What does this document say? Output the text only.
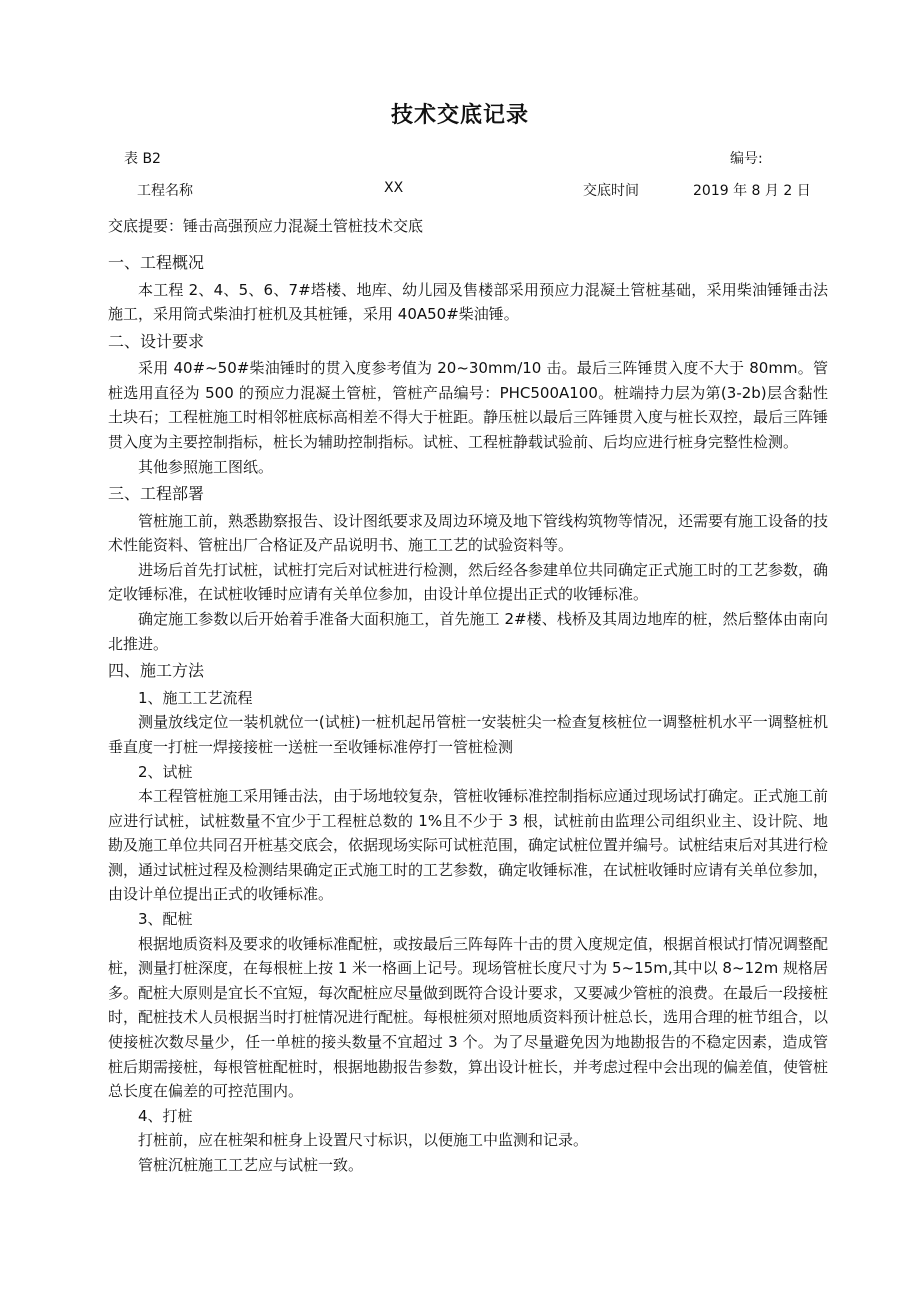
技术交底记录
表 B2	编号:
工程名称	XX	交底时间	2019 年 8 月 2 日
交底提要：锤击高强预应力混凝土管桩技术交底

一、工程概况

本工程 2、4、5、6、7#塔楼、地库、幼儿园及售楼部采用预应力混凝土管桩基础，采用柴油锤锤击法施工，采用筒式柴油打桩机及其桩锤，采用 40A50#柴油锤。

二、设计要求

采用 40#~50#柴油锤时的贯入度参考值为 20~30mm∕10 击。最后三阵锤贯入度不大于 80mm。管桩选用直径为 500 的预应力混凝土管桩，管桩产品编号：PHC500A100。桩端持力层为第(3-2b)层含黏性土块石；工程桩施工时相邻桩底标高相差不得大于桩距。静压桩以最后三阵锤贯入度与桩长双控，最后三阵锤贯入度为主要控制指标，桩长为辅助控制指标。试桩、工程桩静载试验前、后均应进行桩身完整性检测。

其他参照施工图纸。

三、工程部署

管桩施工前，熟悉勘察报告、设计图纸要求及周边环境及地下管线构筑物等情况，还需要有施工设备的技术性能资料、管桩出厂合格证及产品说明书、施工工艺的试验资料等。

进场后首先打试桩，试桩打完后对试桩进行检测，然后经各参建单位共同确定正式施工时的工艺参数，确定收锤标准，在试桩收锤时应请有关单位参加，由设计单位提出正式的收锤标准。

确定施工参数以后开始着手准备大面积施工，首先施工 2#楼、栈桥及其周边地库的桩，然后整体由南向北推进。

四、施工方法

1、施工工艺流程

测量放线定位一装机就位一(试桩)一桩机起吊管桩一安装桩尖一检查复核桩位一调整桩机水平一调整桩机垂直度一打桩一焊接接桩一送桩一至收锤标准停打一管桩检测

2、试桩

本工程管桩施工采用锤击法，由于场地较复杂，管桩收锤标准控制指标应通过现场试打确定。正式施工前应进行试桩，试桩数量不宜少于工程桩总数的 1%且不少于 3 根，试桩前由监理公司组织业主、设计院、地勘及施工单位共同召开桩基交底会，依据现场实际可试桩范围，确定试桩位置并编号。试桩结束后对其进行检测，通过试桩过程及检测结果确定正式施工时的工艺参数，确定收锤标准，在试桩收锤时应请有关单位参加，由设计单位提出正式的收锤标准。

3、配桩

根据地质资料及要求的收锤标准配桩，或按最后三阵每阵十击的贯入度规定值，根据首根试打情况调整配桩，测量打桩深度，在每根桩上按 1 米一格画上记号。现场管桩长度尺寸为 5~15m,其中以 8~12m 规格居多。配桩大原则是宜长不宜短，每次配桩应尽量做到既符合设计要求，又要减少管桩的浪费。在最后一段接桩时，配桩技术人员根据当时打桩情况进行配桩。每根桩须对照地质资料预计桩总长，选用合理的桩节组合，以使接桩次数尽量少，任一单桩的接头数量不宜超过 3 个。为了尽量避免因为地勘报告的不稳定因素，造成管桩后期需接桩，每根管桩配桩时，根据地勘报告参数，算出设计桩长，并考虑过程中会出现的偏差值，使管桩总长度在偏差的可控范围内。

4、打桩

打桩前，应在桩架和桩身上设置尺寸标识，以便施工中监测和记录。

管桩沉桩施工工艺应与试桩一致。
